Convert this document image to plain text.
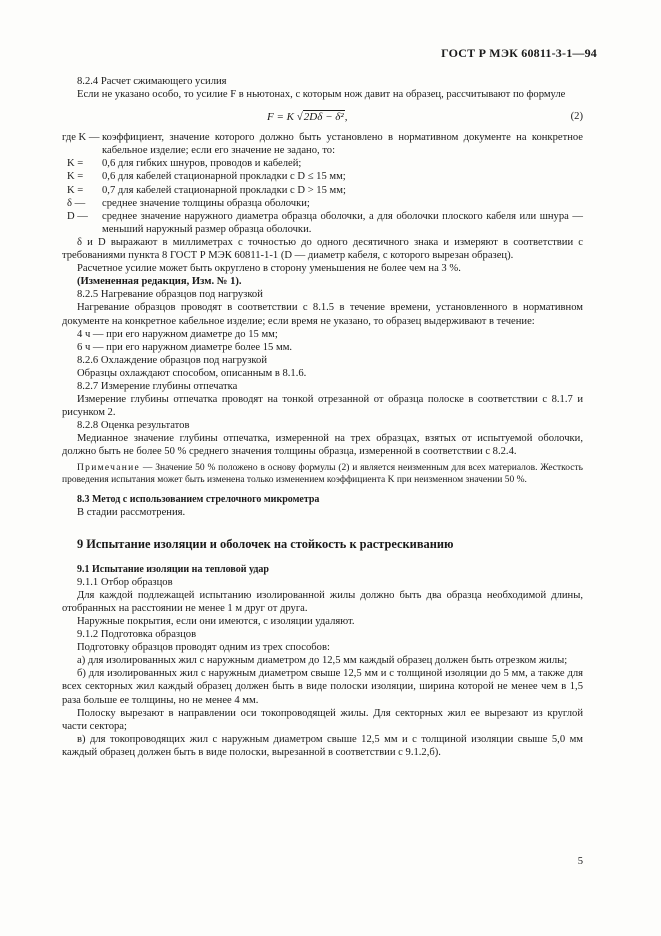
ГОСТ Р МЭК 60811-3-1—94

8.2.4 Расчет сжимающего усилия

Если не указано особо, то усилие F в ньютонах, с которым нож давит на образец, рассчитывают по формуле

F = K √2Dδ − δ²,	(2)
где K — коэффициент, значение которого должно быть установлено в нормативном документе на конкретное кабельное изделие; если его значение не задано, то:
K =	0,6 для гибких шнуров, проводов и кабелей;
K =	0,6 для кабелей стационарной прокладки с D ≤ 15 мм;
K =	0,7 для кабелей стационарной прокладки с D > 15 мм;
δ —	среднее значение толщины образца оболочки;
D —	среднее значение наружного диаметра образца оболочки, а для оболочки плоского кабеля или шнура — меньший наружный размер образца оболочки.

δ и D выражают в миллиметрах с точностью до одного десятичного знака и измеряют в соответствии с требованиями пункта 8 ГОСТ Р МЭК 60811-1-1 (D — диаметр кабеля, с которого вырезан образец).

Расчетное усилие может быть округлено в сторону уменьшения не более чем на 3 %.

(Измененная редакция, Изм. № 1).

8.2.5 Нагревание образцов под нагрузкой

Нагревание образцов проводят в соответствии с 8.1.5 в течение времени, установленного в нормативном документе на конкретное кабельное изделие; если время не указано, то образец выдерживают в течение:

4 ч — при его наружном диаметре до 15 мм;

6 ч — при его наружном диаметре более 15 мм.

8.2.6 Охлаждение образцов под нагрузкой

Образцы охлаждают способом, описанным в 8.1.6.

8.2.7 Измерение глубины отпечатка

Измерение глубины отпечатка проводят на тонкой отрезанной от образца полоске в соответствии с 8.1.7 и рисунком 2.

8.2.8 Оценка результатов

Медианное значение глубины отпечатка, измеренной на трех образцах, взятых от испытуемой оболочки, должно быть не более 50 % среднего значения толщины образца, измеренной в соответствии с 8.2.4.

Примечание — Значение 50 % положено в основу формулы (2) и является неизменным для всех материалов. Жесткость проведения испытания может быть изменена только изменением коэффициента K при неизменном значении 50 %.

8.3 Метод с использованием стрелочного микрометра

В стадии рассмотрения.

9 Испытание изоляции и оболочек на стойкость к растрескиванию

9.1 Испытание изоляции на тепловой удар

9.1.1 Отбор образцов

Для каждой подлежащей испытанию изолированной жилы должно быть два образца необходимой длины, отобранных на расстоянии не менее 1 м друг от друга.

Наружные покрытия, если они имеются, с изоляции удаляют.

9.1.2 Подготовка образцов

Подготовку образцов проводят одним из трех способов:

а) для изолированных жил с наружным диаметром до 12,5 мм каждый образец должен быть отрезком жилы;

б) для изолированных жил с наружным диаметром свыше 12,5 мм и с толщиной изоляции до 5 мм, а также для всех секторных жил каждый образец должен быть в виде полоски изоляции, ширина которой не менее чем в 1,5 раза больше ее толщины, но не менее 4 мм.

Полоску вырезают в направлении оси токопроводящей жилы. Для секторных жил ее вырезают из круглой части сектора;

в) для токопроводящих жил с наружным диаметром свыше 12,5 мм и с толщиной изоляции свыше 5,0 мм каждый образец должен быть в виде полоски, вырезанной в соответствии с 9.1.2,б).

5
